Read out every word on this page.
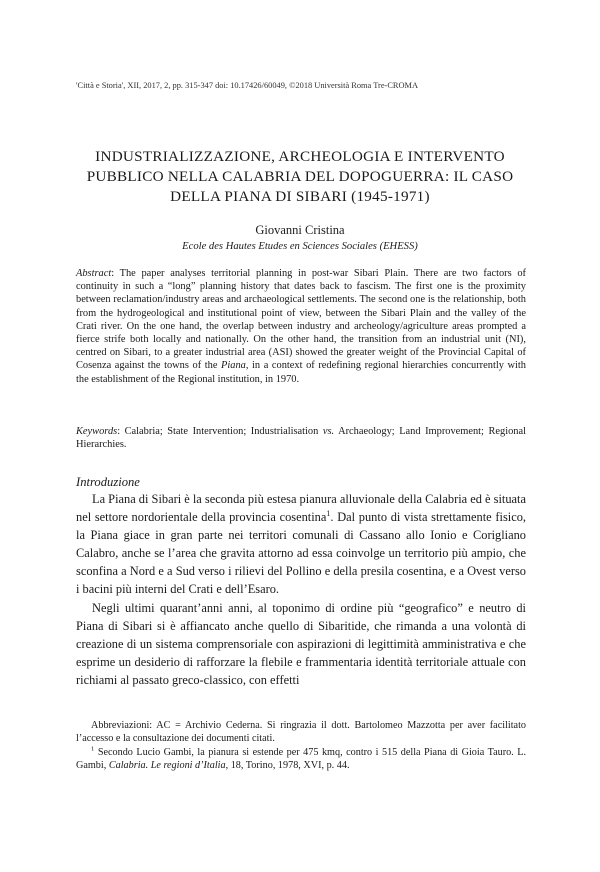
'Città e Storia', XII, 2017, 2, pp. 315-347 doi: 10.17426/60049, ©2018 Università Roma Tre-CROMA
INDUSTRIALIZZAZIONE, ARCHEOLOGIA E INTERVENTO PUBBLICO NELLA CALABRIA DEL DOPOGUERRA: IL CASO DELLA PIANA DI SIBARI (1945-1971)
Giovanni Cristina
Ecole des Hautes Etudes en Sciences Sociales (EHESS)

Abstract: The paper analyses territorial planning in post-war Sibari Plain. There are two factors of continuity in such a “long” planning history that dates back to fascism. The first one is the proximity between reclamation/industry areas and archaeological settlements. The second one is the relationship, both from the hydrogeological and institutional point of view, between the Sibari Plain and the valley of the Crati river. On the one hand, the overlap between industry and archeology/agriculture areas prompted a fierce strife both locally and nationally. On the other hand, the transition from an industrial unit (NI), centred on Sibari, to a greater industrial area (ASI) showed the greater weight of the Provincial Capital of Cosenza against the towns of the Piana, in a context of redefining regional hierarchies concurrently with the establishment of the Regional institution, in 1970.

Keywords: Calabria; State Intervention; Industrialisation vs. Archaeology; Land Improvement; Regional Hierarchies.

Introduzione

La Piana di Sibari è la seconda più estesa pianura alluvionale della Calabria ed è situata nel settore nordorientale della provincia cosentina$^1$. Dal punto di vista strettamente fisico, la Piana giace in gran parte nei territori comunali di Cassano allo Ionio e Corigliano Calabro, anche se l’area che gravita attorno ad essa coinvolge un territorio più ampio, che sconfina a Nord e a Sud verso i rilievi del Pollino e della presila cosentina, e a Ovest verso i bacini più interni del Crati e dell’Esaro.

Negli ultimi quarant’anni anni, al toponimo di ordine più “geografico” e neutro di Piana di Sibari si è affiancato anche quello di Sibaritide, che rimanda a una volontà di creazione di un sistema comprensoriale con aspirazioni di legittimità amministrativa e che esprime un desiderio di rafforzare la flebile e frammentaria identità territoriale attuale con richiami al passato greco-classico, con effetti

Abbreviazioni: AC = Archivio Cederna. Si ringrazia il dott. Bartolomeo Mazzotta per aver facilitato l’accesso e la consultazione dei documenti citati.

$^1$ Secondo Lucio Gambi, la pianura si estende per 475 kmq, contro i 515 della Piana di Gioia Tauro. L. Gambi, Calabria. Le regioni d’Italia, 18, Torino, 1978, XVI, p. 44.
